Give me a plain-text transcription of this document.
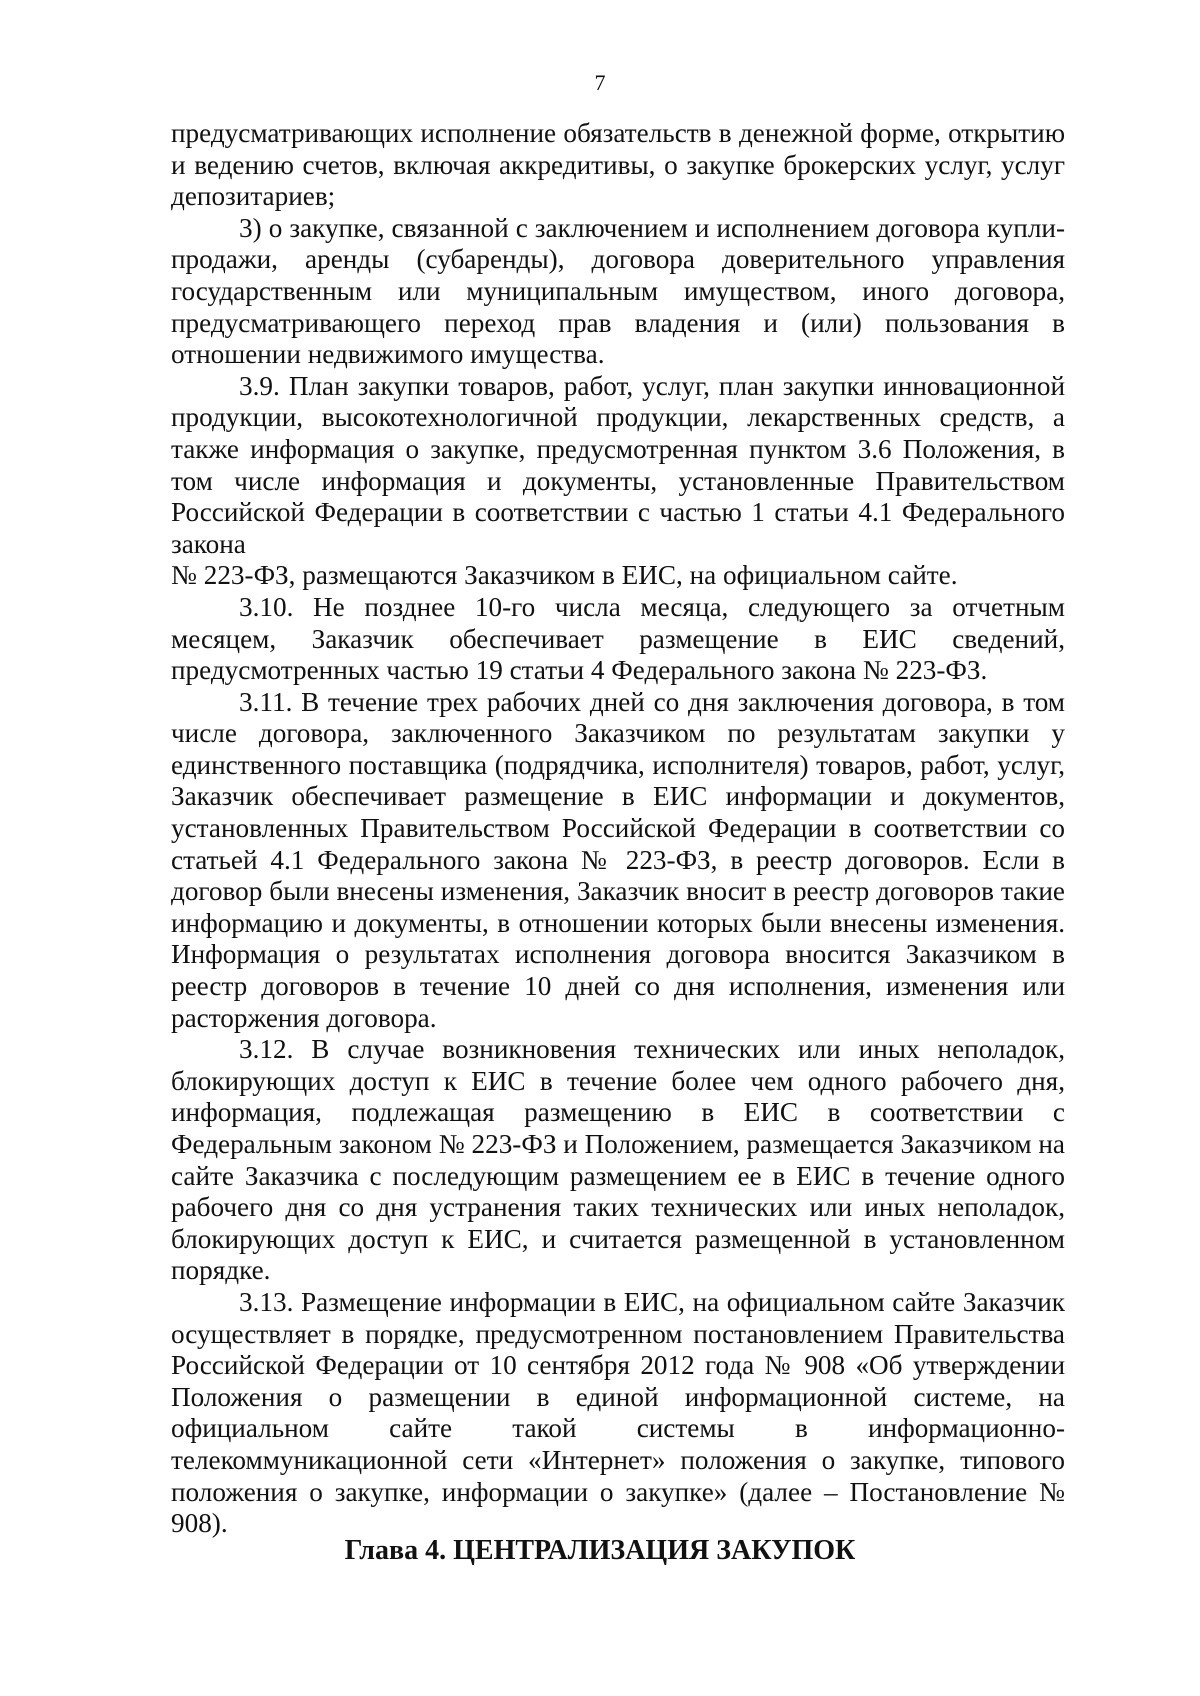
7

предусматривающих исполнение обязательств в денежной форме, открытию и ведению счетов, включая аккредитивы, о закупке брокерских услуг, услуг депозитариев;

3) о закупке, связанной с заключением и исполнением договора купли-продажи, аренды (субаренды), договора доверительного управления государственным или муниципальным имуществом, иного договора, предусматривающего переход прав владения и (или) пользования в отношении недвижимого имущества.

3.9. План закупки товаров, работ, услуг, план закупки инновационной продукции, высокотехнологичной продукции, лекарственных средств, а также информация о закупке, предусмотренная пунктом 3.6 Положения, в том числе информация и документы, установленные Правительством Российской Федерации в соответствии с частью 1 статьи 4.1 Федерального закона

№ 223-ФЗ, размещаются Заказчиком в ЕИС, на официальном сайте.

3.10. Не позднее 10-го числа месяца, следующего за отчетным месяцем, Заказчик обеспечивает размещение в ЕИС сведений, предусмотренных частью 19 статьи 4 Федерального закона № 223-ФЗ.

3.11. В течение трех рабочих дней со дня заключения договора, в том числе договора, заключенного Заказчиком по результатам закупки у единственного поставщика (подрядчика, исполнителя) товаров, работ, услуг, Заказчик обеспечивает размещение в ЕИС информации и документов, установленных Правительством Российской Федерации в соответствии со статьей 4.1 Федерального закона № 223-ФЗ, в реестр договоров. Если в договор были внесены изменения, Заказчик вносит в реестр договоров такие информацию и документы, в отношении которых были внесены изменения. Информация о результатах исполнения договора вносится Заказчиком в реестр договоров в течение 10 дней со дня исполнения, изменения или расторжения договора.

3.12. В случае возникновения технических или иных неполадок, блокирующих доступ к ЕИС в течение более чем одного рабочего дня, информация, подлежащая размещению в ЕИС в соответствии с Федеральным законом № 223-ФЗ и Положением, размещается Заказчиком на сайте Заказчика с последующим размещением ее в ЕИС в течение одного рабочего дня со дня устранения таких технических или иных неполадок, блокирующих доступ к ЕИС, и считается размещенной в установленном порядке.

3.13. Размещение информации в ЕИС, на официальном сайте Заказчик осуществляет в порядке, предусмотренном постановлением Правительства Российской Федерации от 10 сентября 2012 года № 908 «Об утверждении Положения о размещении в единой информационной системе, на официальном сайте такой системы в информационно-телекоммуникационной сети «Интернет» положения о закупке, типового положения о закупке, информации о закупке» (далее – Постановление № 908).

Глава 4. ЦЕНТРАЛИЗАЦИЯ ЗАКУПОК
